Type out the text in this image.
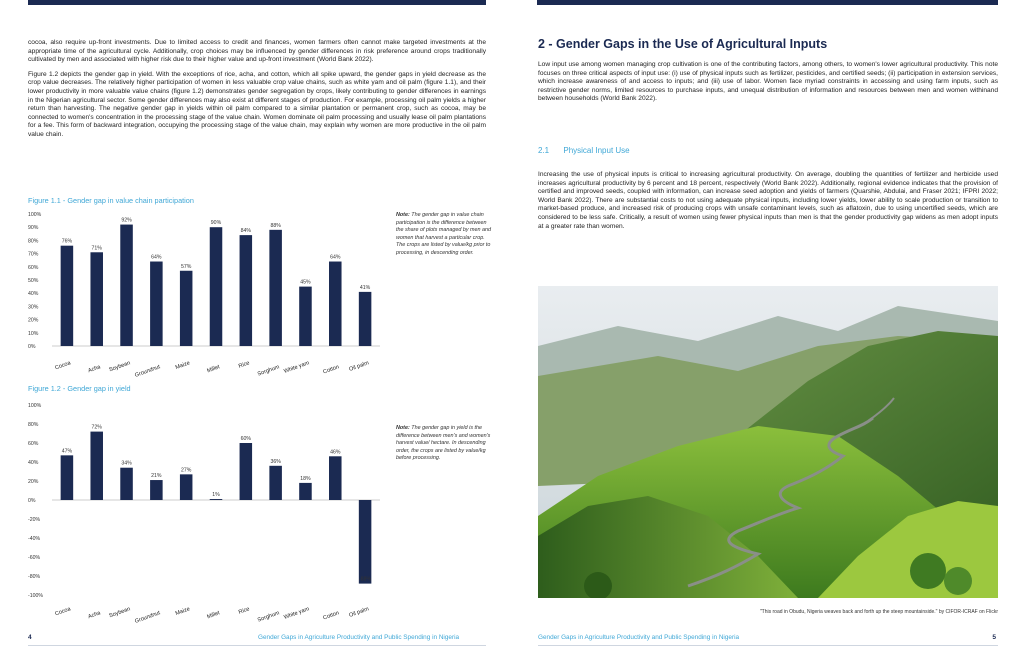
cocoa, also require up-front investments. Due to limited access to credit and finances, women farmers often cannot make targeted investments at the appropriate time of the agricultural cycle. Additionally, crop choices may be influenced by gender differences in risk preference around crops traditionally cultivated by men and associated with higher risk due to their higher value and up-front investment (World Bank 2022).

Figure 1.2 depicts the gender gap in yield. With the exceptions of rice, acha, and cotton, which all spike upward, the gender gaps in yield decrease as the crop value decreases. The relatively higher participation of women in less valuable crop value chains, such as white yam and oil palm (figure 1.1), and their lower productivity in more valuable value chains (figure 1.2) demonstrates gender segregation by crops, likely contributing to gender differences in earnings in the Nigerian agricultural sector. Some gender differences may also exist at different stages of production. For example, processing oil palm yields a higher return than harvesting. The negative gender gap in yields within oil palm compared to a similar plantation or permanent crop, such as cocoa, may be connected to women's concentration in the processing stage of the value chain. Women dominate oil palm processing and usually lease oil palm plantations for a fee. This form of backward integration, occupying the processing stage of the value chain, may explain why women are more productive in the oil palm value chain.

Figure 1.1 - Gender gap in value chain participation
100%
90%
80%
70%
60%
50%
40%
30%
20%
10%
0%
76%
Cocoa
71%
Acha
92%
Soybean
64%
Groundnut
57%
Maize
90%
Millet
84%
Rice
88%
Sorghum
45%
White yam
64%
Cotton
41%
Oil palm
Note: The gender gap in value chain participation is the difference between the share of plots managed by men and women that harvest a particular crop. The crops are listed by value/kg prior to processing, in descending order.
Figure 1.2 - Gender gap in yield
100%
80%
60%
40%
20%
0%
-20%
-40%
-60%
-80%
-100%
47%
Cocoa
72%
Acha
34%
Soybean
21%
Groundnut
27%
Maize
1%
Millet
60%
Rice
36%
Sorghum
18%
White yam
46%
Cotton
-88%
Oil palm
Note: The gender gap in yield is the difference between men's and women's harvest value/ hectare. In descending order, the crops are listed by value/kg before processing.
4	Gender Gaps in Agriculture Productivity and Public Spending in Nigeria
2 - Gender Gaps in the Use of Agricultural Inputs
Low input use among women managing crop cultivation is one of the contributing factors, among others, to women's lower agricultural productivity. This note focuses on three critical aspects of input use: (i) use of physical inputs such as fertilizer, pesticides, and certified seeds; (ii) participation in extension services, which increase awareness of and access to inputs; and (iii) use of labor. Women face myriad constraints in accessing and using farm inputs, such as restrictive gender norms, limited resources to purchase inputs, and unequal distribution of information and resources between men and women withinand between households (World Bank 2022).
2.1 Physical Input Use
Increasing the use of physical inputs is critical to increasing agricultural productivity. On average, doubling the quantities of fertilizer and herbicide used increases agricultural productivity by 6 percent and 18 percent, respectively (World Bank 2022). Additionally, regional evidence indicates that the provision of certified and improved seeds, coupled with information, can increase seed adoption and yields of farmers (Quarshie, Abdulai, and Fraser 2021; IFPRI 2022; World Bank 2022). There are substantial costs to not using adequate physical inputs, including lower yields, lower ability to scale production or transition to market-based produce, and increased risk of producing crops with unsafe contaminant levels, such as aflatoxin, due to using uncertified seeds, which are considered to be less safe. Critically, a result of women using fewer physical inputs than men is that the gender productivity gap widens as men adopt inputs at a greater rate than women.
"This road in Obudu, Nigeria weaves back and forth up the steep mountainside." by CIFOR-ICRAF on Flickr
Gender Gaps in Agriculture Productivity and Public Spending in Nigeria	5
